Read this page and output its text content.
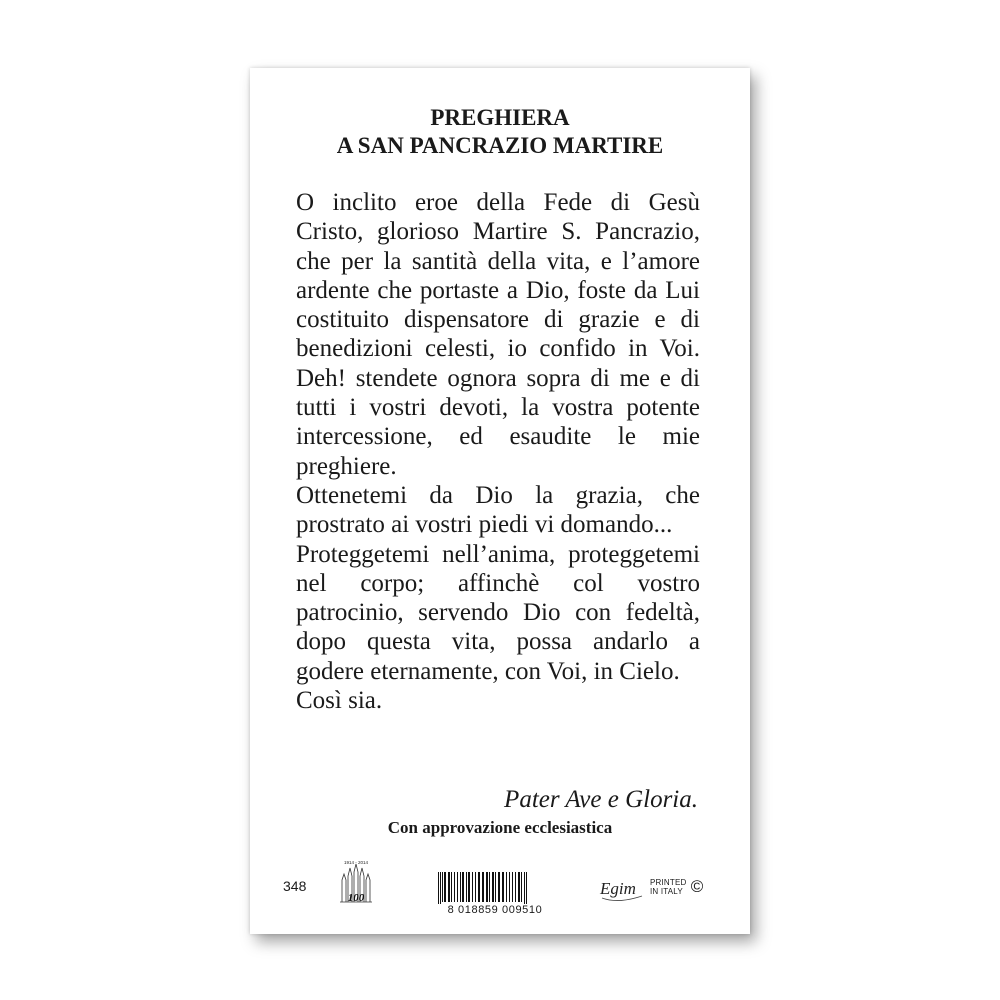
PREGHIERA
A SAN PANCRAZIO MARTIRE

O inclito eroe della Fede di Gesù Cristo, glorioso Martire S. Pancrazio, che per la santità della vita, e l’amore ardente che portaste a Dio, foste da Lui costituito dispensatore di grazie e di benedizioni celesti, io confido in Voi. Deh! stendete ognora sopra di me e di tutti i vostri devoti, la vostra potente intercessione, ed esaudite le mie preghiere.

Ottenetemi da Dio la grazia, che prostrato ai vostri piedi vi domando...

Proteggetemi nell’anima, proteggetemi nel corpo; affinchè col vostro patrocinio, servendo Dio con fedeltà, dopo questa vita, possa andarlo a godere eternamente, con Voi, in Cielo.

Così sia.

Pater Ave e Gloria.
Con approvazione ecclesiastica
348
1914 - 2014
100
8 018859 009510
Egim PRINTED
IN ITALY ©
